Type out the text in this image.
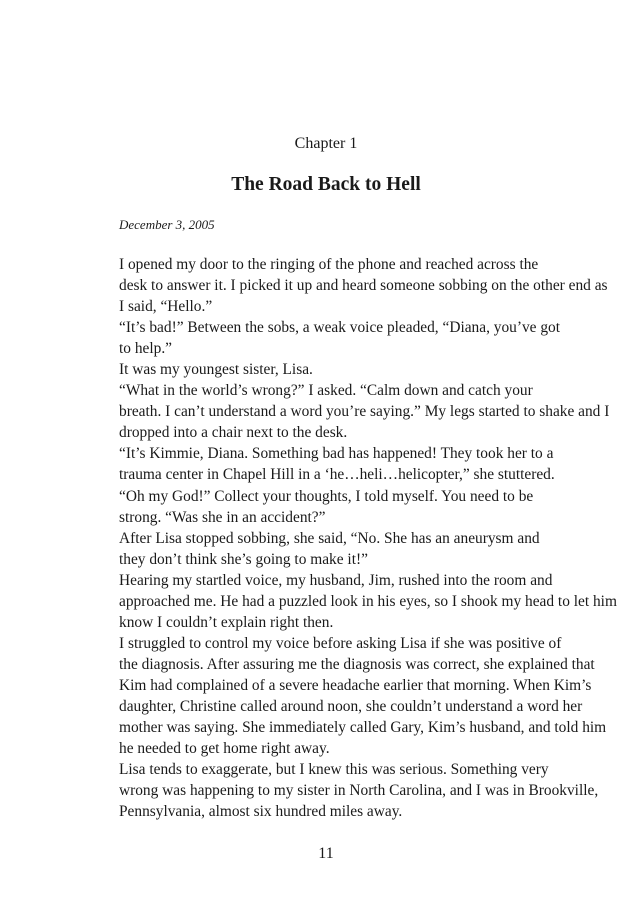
Chapter 1
The Road Back to Hell
December 3, 2005

I opened my door to the ringing of the phone and reached across the
desk to answer it. I picked it up and heard someone sobbing on the other end as
I said, “Hello.”

“It’s bad!” Between the sobs, a weak voice pleaded, “Diana, you’ve got
to help.”

It was my youngest sister, Lisa.

“What in the world’s wrong?” I asked. “Calm down and catch your
breath. I can’t understand a word you’re saying.” My legs started to shake and I
dropped into a chair next to the desk.

“It’s Kimmie, Diana. Something bad has happened! They took her to a
trauma center in Chapel Hill in a ‘he…heli…helicopter,” she stuttered.

“Oh my God!” Collect your thoughts, I told myself. You need to be
strong. “Was she in an accident?”

After Lisa stopped sobbing, she said, “No. She has an aneurysm and
they don’t think she’s going to make it!”

Hearing my startled voice, my husband, Jim, rushed into the room and
approached me. He had a puzzled look in his eyes, so I shook my head to let him
know I couldn’t explain right then.

I struggled to control my voice before asking Lisa if she was positive of
the diagnosis. After assuring me the diagnosis was correct, she explained that
Kim had complained of a severe headache earlier that morning. When Kim’s
daughter, Christine called around noon, she couldn’t understand a word her
mother was saying. She immediately called Gary, Kim’s husband, and told him
he needed to get home right away.

Lisa tends to exaggerate, but I knew this was serious. Something very
wrong was happening to my sister in North Carolina, and I was in Brookville,
Pennsylvania, almost six hundred miles away.

11
